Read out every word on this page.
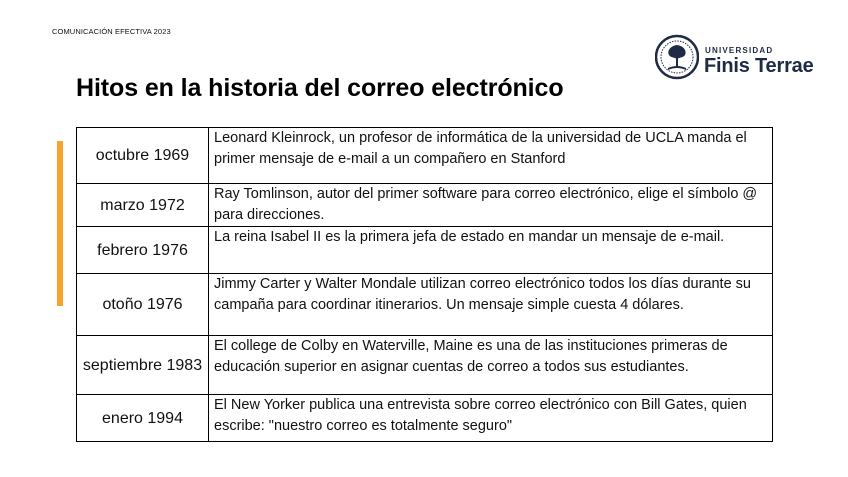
COMUNICACIÓN EFECTIVA 2023
UNIVERSIDAD
Finis Terrae
Hitos en la historia del correo electrónico
octubre 1969	Leonard Kleinrock, un profesor de informática de la universidad de UCLA manda el primer mensaje de e-mail a un compañero en Stanford
marzo 1972	Ray Tomlinson, autor del primer software para correo electrónico, elige el símbolo @ para direcciones.
febrero 1976	La reina Isabel II es la primera jefa de estado en mandar un mensaje de e-mail.
otoño 1976	Jimmy Carter y Walter Mondale utilizan correo electrónico todos los días durante su campaña para coordinar itinerarios. Un mensaje simple cuesta 4 dólares.
septiembre 1983	El college de Colby en Waterville, Maine es una de las instituciones primeras de educación superior en asignar cuentas de correo a todos sus estudiantes.
enero 1994	El New Yorker publica una entrevista sobre correo electrónico con Bill Gates, quien escribe: "nuestro correo es totalmente seguro"
